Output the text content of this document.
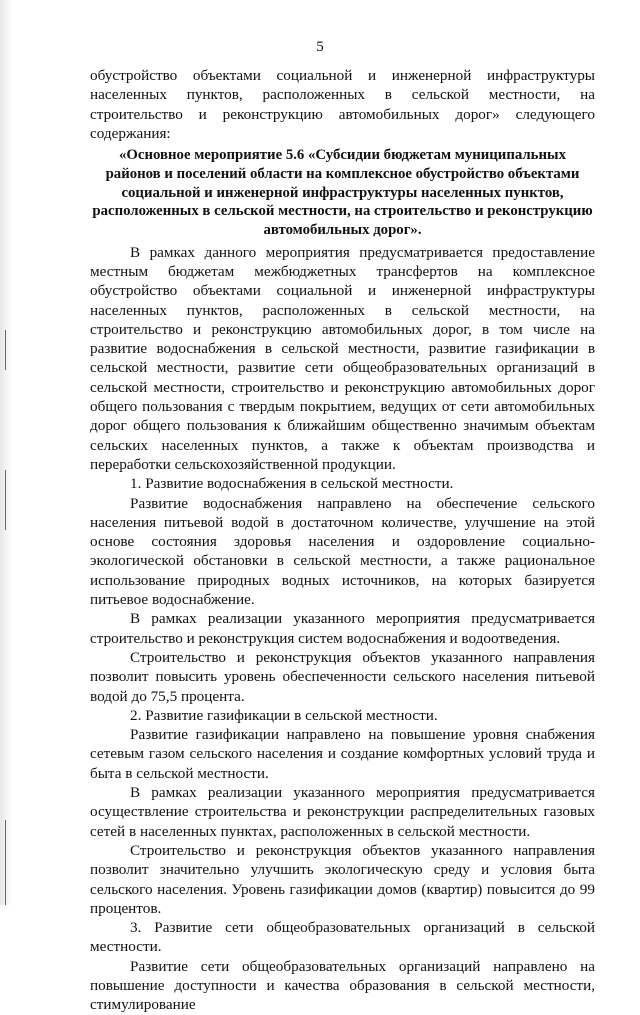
5

обустройство объектами социальной и инженерной инфраструктуры населенных пунктов, расположенных в сельской местности, на строительство и реконструкцию автомобильных дорог» следующего содержания:

«Основное мероприятие 5.6 «Субсидии бюджетам муниципальных районов и поселений области на комплексное обустройство объектами социальной и инженерной инфраструктуры населенных пунктов, расположенных в сельской местности, на строительство и реконструкцию автомобильных дорог».

В рамках данного мероприятия предусматривается предоставление местным бюджетам межбюджетных трансфертов на комплексное обустройство объектами социальной и инженерной инфраструктуры населенных пунктов, расположенных в сельской местности, на строительство и реконструкцию автомобильных дорог, в том числе на развитие водоснабжения в сельской местности, развитие газификации в сельской местности, развитие сети общеобразовательных организаций в сельской местности, строительство и реконструкцию автомобильных дорог общего пользования с твердым покрытием, ведущих от сети автомобильных дорог общего пользования к ближайшим общественно значимым объектам сельских населенных пунктов, а также к объектам производства и переработки сельскохозяйственной продукции.

1. Развитие водоснабжения в сельской местности.

Развитие водоснабжения направлено на обеспечение сельского населения питьевой водой в достаточном количестве, улучшение на этой основе состояния здоровья населения и оздоровление социально-экологической обстановки в сельской местности, а также рациональное использование природных водных источников, на которых базируется питьевое водоснабжение.

В рамках реализации указанного мероприятия предусматривается строительство и реконструкция систем водоснабжения и водоотведения.

Строительство и реконструкция объектов указанного направления позволит повысить уровень обеспеченности сельского населения питьевой водой до 75,5 процента.

2. Развитие газификации в сельской местности.

Развитие газификации направлено на повышение уровня снабжения сетевым газом сельского населения и создание комфортных условий труда и быта в сельской местности.

В рамках реализации указанного мероприятия предусматривается осуществление строительства и реконструкции распределительных газовых сетей в населенных пунктах, расположенных в сельской местности.

Строительство и реконструкция объектов указанного направления позволит значительно улучшить экологическую среду и условия быта сельского населения. Уровень газификации домов (квартир) повысится до 99 процентов.

3. Развитие сети общеобразовательных организаций в сельской местности.

Развитие сети общеобразовательных организаций направлено на повышение доступности и качества образования в сельской местности, стимулирование
